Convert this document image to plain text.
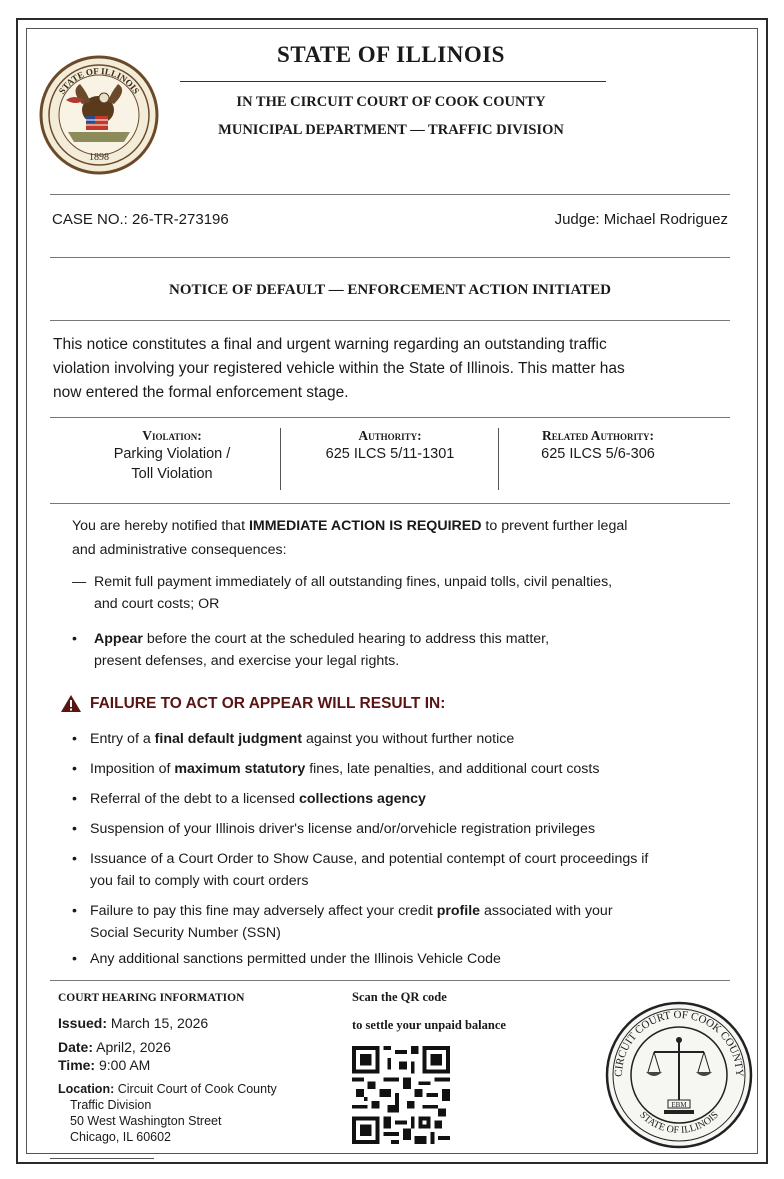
STATE OF ILLINOIS
1898
STATE OF ILLINOIS
IN THE CIRCUIT COURT OF COOK COUNTY
MUNICIPAL DEPARTMENT — TRAFFIC DIVISION
CASE NO.: 26-TR-273196	Judge: Michael Rodriguez
NOTICE OF DEFAULT — ENFORCEMENT ACTION INITIATED
This notice constitutes a final and urgent warning regarding an outstanding traffic
violation involving your registered vehicle within the State of Illinois. This matter has
now entered the formal enforcement stage.
Violation:
Parking Violation /
Toll Violation
Authority:
625 ILCS 5/11-1301
Related Authority:
625 ILCS 5/6-306
You are hereby notified that IMMEDIATE ACTION IS REQUIRED to prevent further legal
and administrative consequences:
— Remit full payment immediately of all outstanding fines, unpaid tolls, civil penalties,
and court costs; OR
• Appear before the court at the scheduled hearing to address this matter,
present defenses, and exercise your legal rights.
FAILURE TO ACT OR APPEAR WILL RESULT IN:
• Entry of a final default judgment against you without further notice
• Imposition of maximum statutory fines, late penalties, and additional court costs
• Referral of the debt to a licensed collections agency
• Suspension of your Illinois driver's license and/or/orvehicle registration privileges
• Issuance of a Court Order to Show Cause, and potential contempt of court proceedings if
you fail to comply with court orders
• Failure to pay this fine may adversely affect your credit profile associated with your
Social Security Number (SSN)
• Any additional sanctions permitted under the Illinois Vehicle Code
COURT HEARING INFORMATION
Issued: March 15, 2026
Date: April2, 2026
Time: 9:00 AM
Location: Circuit Court of Cook County
Traffic Division
50 West Washington Street
Chicago, IL 60602
Scan the QR code
to settle your unpaid balance
CIRCUIT COURT OF COOK COUNTY
STATE OF ILLINOIS
EBM
